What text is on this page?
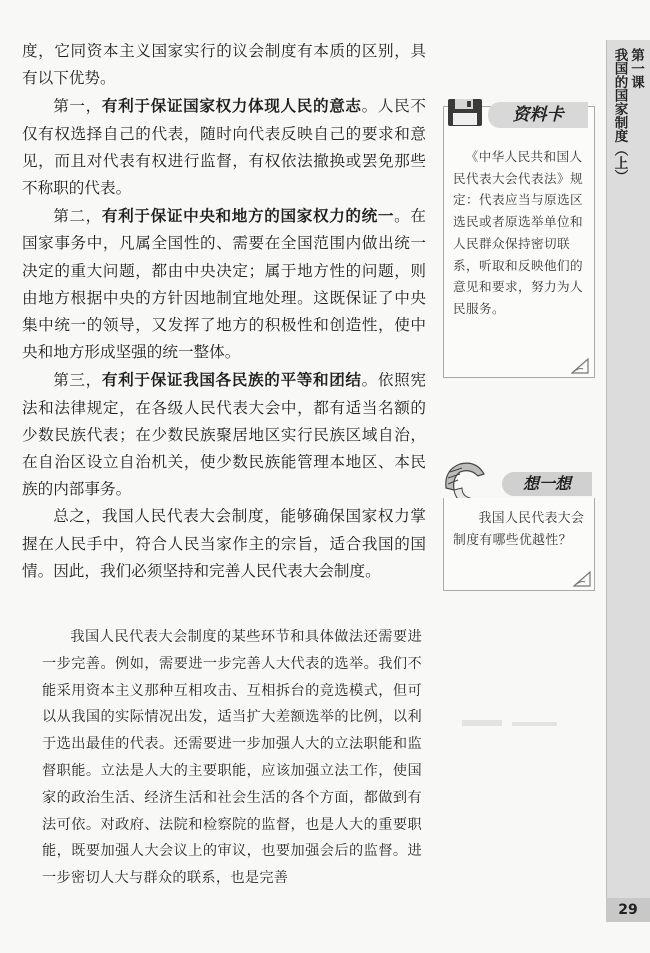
度，它同资本主义国家实行的议会制度有本质的区别，具有以下优势。

第一，有利于保证国家权力体现人民的意志。人民不仅有权选择自己的代表，随时向代表反映自己的要求和意见，而且对代表有权进行监督，有权依法撤换或罢免那些不称职的代表。

第二，有利于保证中央和地方的国家权力的统一。在国家事务中，凡属全国性的、需要在全国范围内做出统一决定的重大问题，都由中央决定；属于地方性的问题，则由地方根据中央的方针因地制宜地处理。这既保证了中央集中统一的领导，又发挥了地方的积极性和创造性，使中央和地方形成坚强的统一整体。

第三，有利于保证我国各民族的平等和团结。依照宪法和法律规定，在各级人民代表大会中，都有适当名额的少数民族代表；在少数民族聚居地区实行民族区域自治，在自治区设立自治机关，使少数民族能管理本地区、本民族的内部事务。

总之，我国人民代表大会制度，能够确保国家权力掌握在人民手中，符合人民当家作主的宗旨，适合我国的国情。因此，我们必须坚持和完善人民代表大会制度。

我国人民代表大会制度的某些环节和具体做法还需要进一步完善。例如，需要进一步完善人大代表的选举。我们不能采用资本主义那种互相攻击、互相拆台的竞选模式，但可以从我国的实际情况出发，适当扩大差额选举的比例，以利于选出最佳的代表。还需要进一步加强人大的立法职能和监督职能。立法是人大的主要职能，应该加强立法工作，使国家的政治生活、经济生活和社会生活的各个方面，都做到有法可依。对政府、法院和检察院的监督，也是人大的重要职能，既要加强人大会议上的审议，也要加强会后的监督。进一步密切人大与群众的联系，也是完善

第一课
我国的国家制度（上）
29
资料卡

《中华人民共和国人民代表大会代表法》规定：代表应当与原选区选民或者原选举单位和人民群众保持密切联系，听取和反映他们的意见和要求，努力为人民服务。

想一想

我国人民代表大会制度有哪些优越性？
